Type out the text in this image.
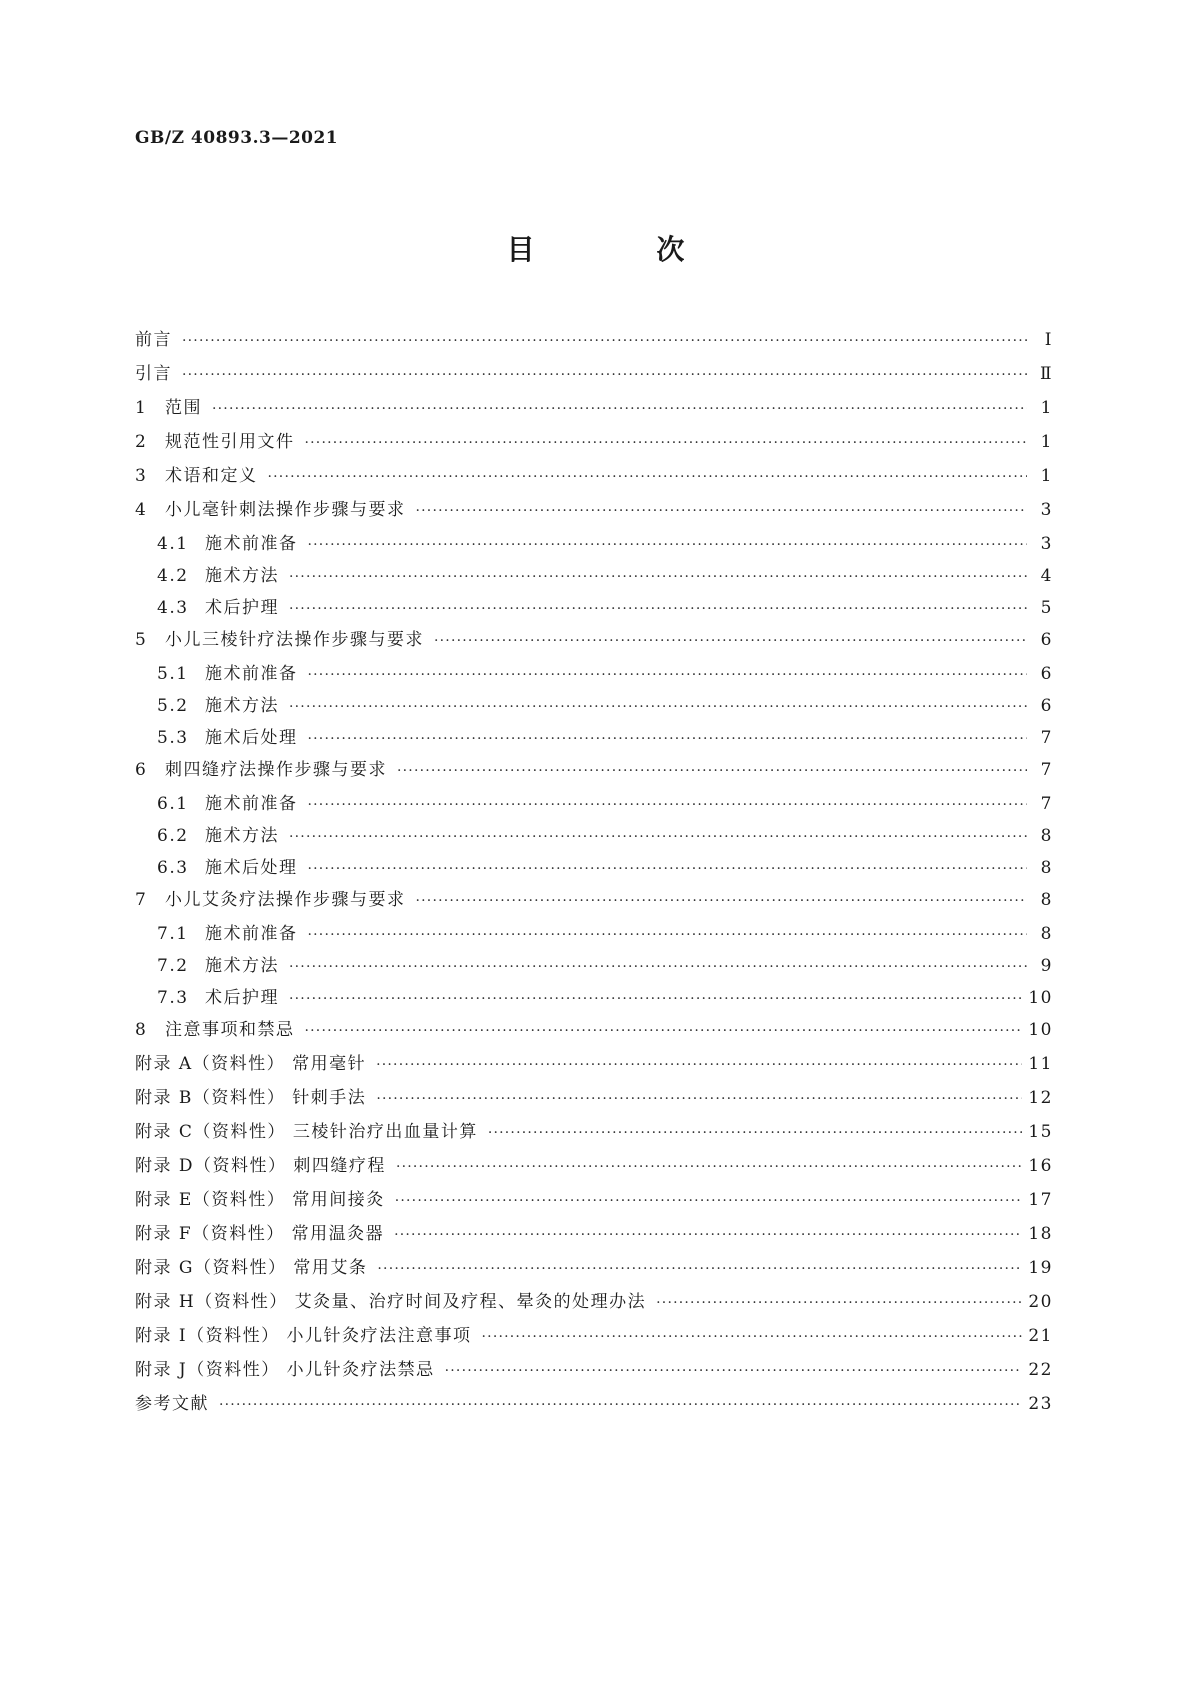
GB/Z 40893.3—2021
目 次
前言 ·····	Ⅰ
引言 ·····	Ⅱ
1	范围 ·····	1
2	规范性引用文件 ·····	1
3	术语和定义 ·····	1
4	小儿毫针刺法操作步骤与要求 ·····	3
4.1 施术前准备 ·····	3
4.2 施术方法 ·····	4
4.3 术后护理 ·····	5
5	小儿三棱针疗法操作步骤与要求 ·····	6
5.1 施术前准备 ·····	6
5.2 施术方法 ·····	6
5.3 施术后处理 ·····	7
6	刺四缝疗法操作步骤与要求 ·····	7
6.1 施术前准备 ·····	7
6.2 施术方法 ·····	8
6.3 施术后处理 ·····	8
7	小儿艾灸疗法操作步骤与要求 ·····	8
7.1 施术前准备 ·····	8
7.2 施术方法 ·····	9
7.3 术后护理 ·····	10
8	注意事项和禁忌 ·····	10
附录 A（资料性） 常用毫针 ·····	11
附录 B（资料性） 针刺手法 ·····	12
附录 C（资料性） 三棱针治疗出血量计算 ·····	15
附录 D（资料性） 刺四缝疗程 ·····	16
附录 E（资料性） 常用间接灸 ·····	17
附录 F（资料性） 常用温灸器 ·····	18
附录 G（资料性） 常用艾条 ·····	19
附录 H（资料性） 艾灸量、治疗时间及疗程、晕灸的处理办法 ·····	20
附录 I（资料性） 小儿针灸疗法注意事项 ·····	21
附录 J（资料性） 小儿针灸疗法禁忌 ·····	22
参考文献 ·····	23
